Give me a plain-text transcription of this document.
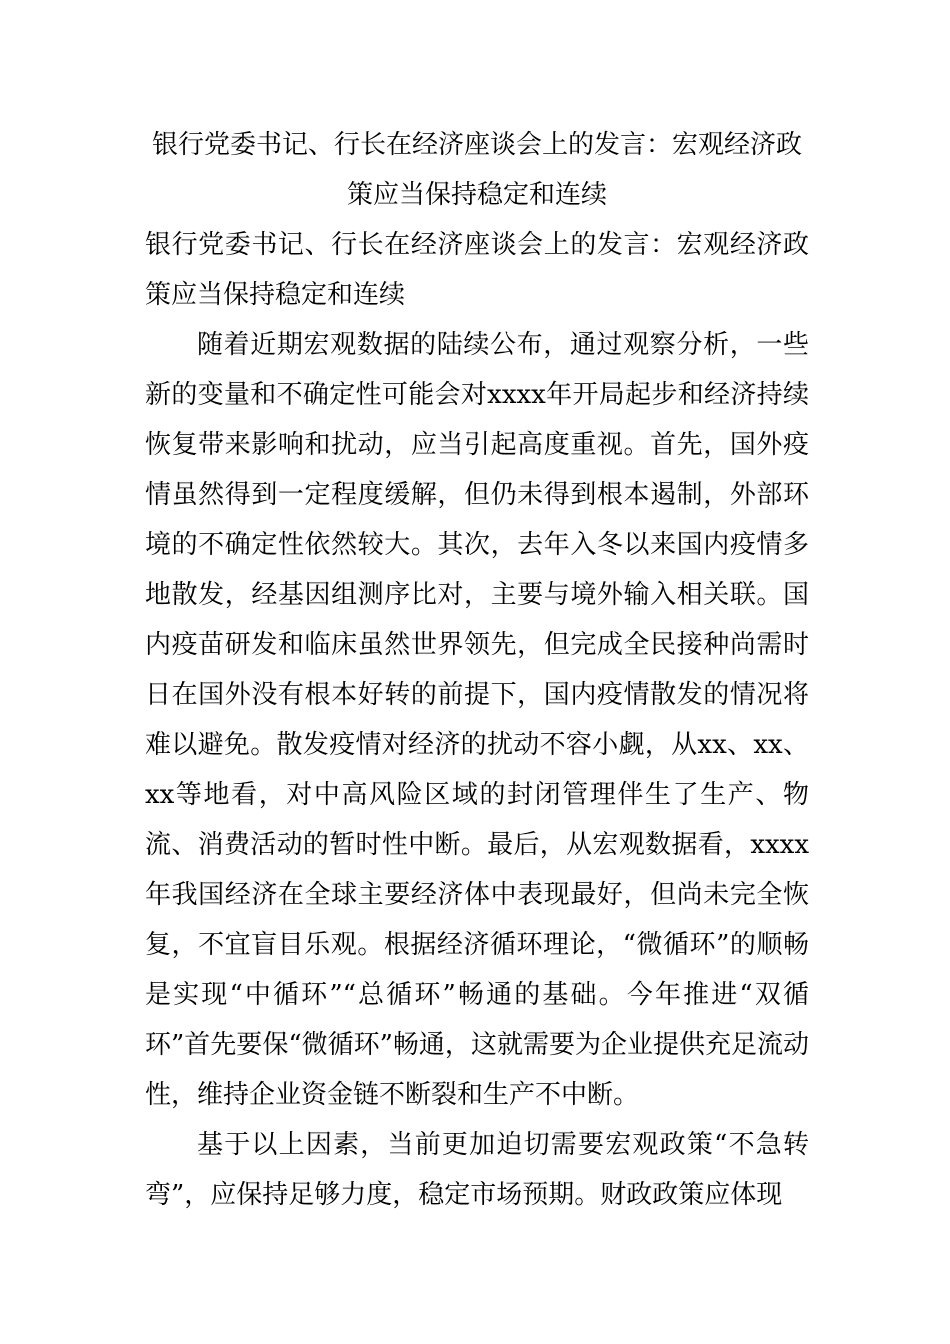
银行党委书记、行长在经济座谈会上的发言：宏观经济政策应当保持稳定和连续

银行党委书记、行长在经济座谈会上的发言：宏观经济政策应当保持稳定和连续

随着近期宏观数据的陆续公布，通过观察分析，一些新的变量和不确定性可能会对xxxx年开局起步和经济持续恢复带来影响和扰动，应当引起高度重视。首先，国外疫情虽然得到一定程度缓解，但仍未得到根本遏制，外部环境的不确定性依然较大。其次，去年入冬以来国内疫情多地散发，经基因组测序比对，主要与境外输入相关联。国内疫苗研发和临床虽然世界领先，但完成全民接种尚需时日在国外没有根本好转的前提下，国内疫情散发的情况将难以避免。散发疫情对经济的扰动不容小觑，从xx、xx、xx等地看，对中高风险区域的封闭管理伴生了生产、物流、消费活动的暂时性中断。最后，从宏观数据看，xxxx年我国经济在全球主要经济体中表现最好，但尚未完全恢复，不宜盲目乐观。根据经济循环理论，“微循环”的顺畅是实现“中循环”“总循环”畅通的基础。今年推进“双循环”首先要保“微循环”畅通，这就需要为企业提供充足流动性，维持企业资金链不断裂和生产不中断。

基于以上因素，当前更加迫切需要宏观政策“不急转弯”，应保持足够力度，稳定市场预期。财政政策应体现
